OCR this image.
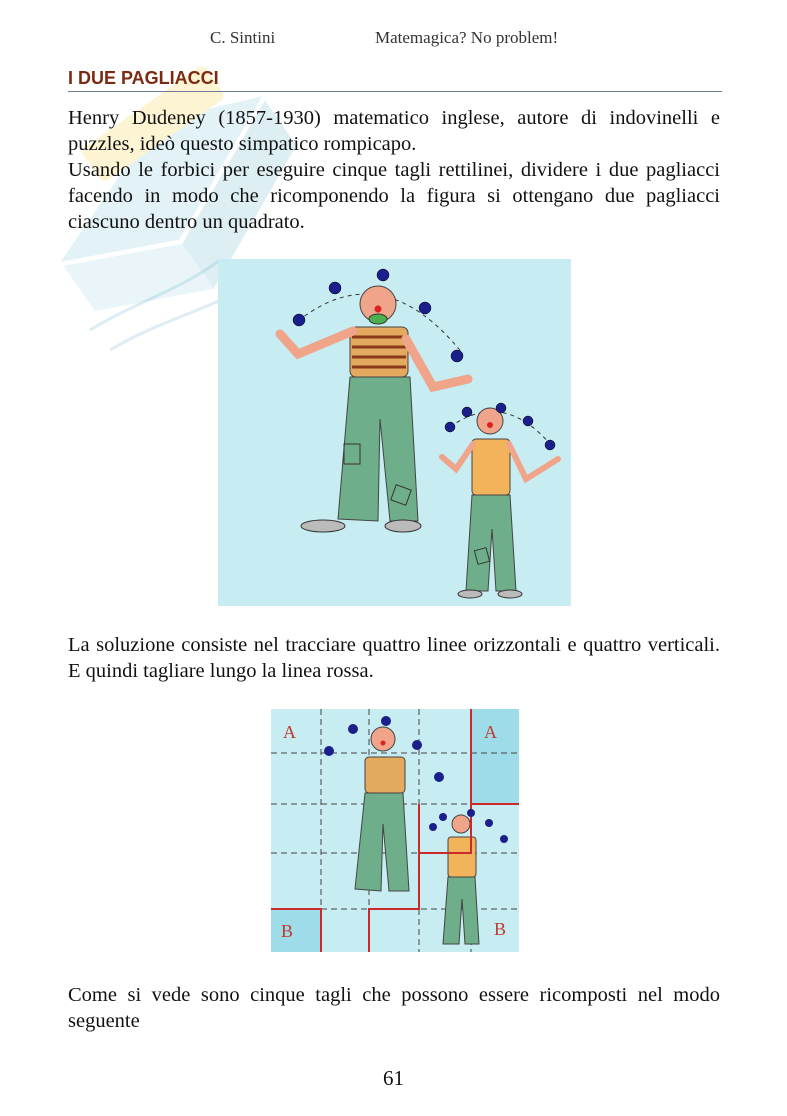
C. Sintini	Matemagica? No problem!
I DUE PAGLIACCI

Henry Dudeney (1857-1930) matematico inglese, autore di indovinelli e puzzles, ideò questo simpatico rompicapo.

Usando le forbici per eseguire cinque tagli rettilinei, dividere i due pagliacci facendo in modo che ricomponendo la figura si ottengano due pagliacci ciascuno dentro un quadrato.

La soluzione consiste nel tracciare quattro linee orizzontali e quattro verticali. E quindi tagliare lungo la linea rossa.

A	A
B	B

Come si vede sono cinque tagli che possono essere ricomposti nel modo seguente

61
